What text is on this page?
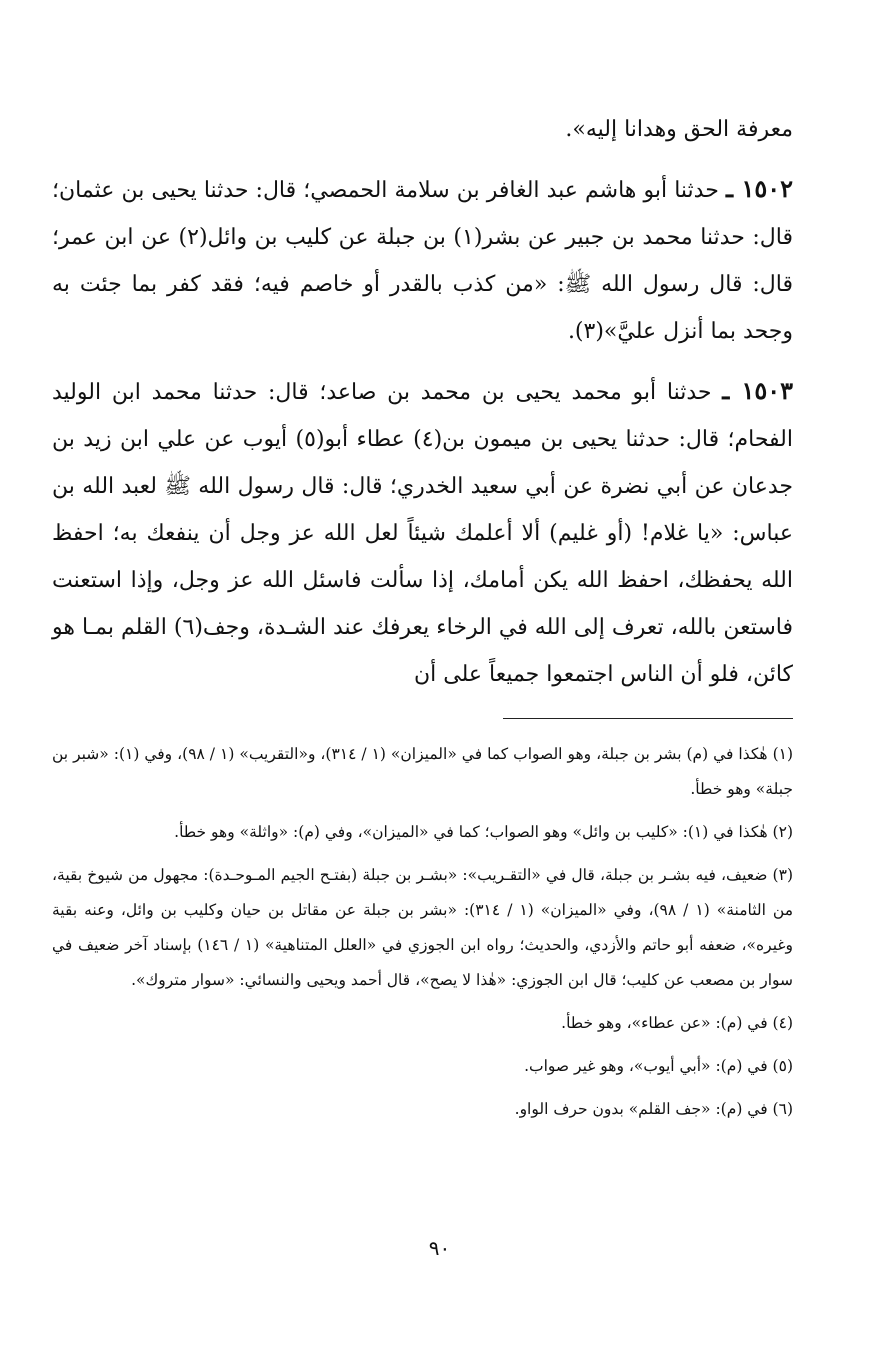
معرفة الحق وهدانا إليه».

١٥٠٢ ـ حدثنا أبو هاشم عبد الغافر بن سلامة الحمصي؛ قال: حدثنا يحيى بن عثمان؛ قال: حدثنا محمد بن جبير عن بشر(١) بن جبلة عن كليب بن وائل(٢) عن ابن عمر؛ قال: قال رسول الله ﷺ: «من كذب بالقدر أو خاصم فيه؛ فقد كفر بما جئت به وجحد بما أنزل عليَّ»(٣).

١٥٠٣ ـ حدثنا أبو محمد يحيى بن محمد بن صاعد؛ قال: حدثنا محمد ابن الوليد الفحام؛ قال: حدثنا يحيى بن ميمون بن(٤) عطاء أبو(٥) أيوب عن علي ابن زيد بن جدعان عن أبي نضرة عن أبي سعيد الخدري؛ قال: قال رسول الله ﷺ لعبد الله بن عباس: «يا غلام! (أو غليم) ألا أعلمك شيئاً لعل الله عز وجل أن ينفعك به؛ احفظ الله يحفظك، احفظ الله يكن أمامك، إذا سألت فاسئل الله عز وجل، وإذا استعنت فاستعن بالله، تعرف إلى الله في الرخاء يعرفك عند الشـدة، وجف(٦) القلم بمـا هو كائن، فلو أن الناس اجتمعوا جميعاً على أن

(١) هٰكذا في (م) بشر بن جبلة، وهو الصواب كما في «الميزان» (١ / ٣١٤)، و«التقريب» (١ / ٩٨)، وفي (١): «شبر بن جبلة» وهو خطأ.

(٢) هٰكذا في (١): «كليب بن وائل» وهو الصواب؛ كما في «الميزان»، وفي (م): «واثلة» وهو خطأ.

(٣) ضعيف، فيه بشـر بن جبلة، قال في «التقـريب»: «بشـر بن جبلة (بفتـح الجيم المـوحـدة): مجهول من شيوخ بقية، من الثامنة» (١ / ٩٨)، وفي «الميزان» (١ / ٣١٤): «بشر بن جبلة عن مقاتل بن حيان وكليب بن وائل، وعنه بقية وغيره»، ضعفه أبو حاتم والأزدي، والحديث؛ رواه ابن الجوزي في «العلل المتناهية» (١ / ١٤٦) بإسناد آخر ضعيف في سوار بن مصعب عن كليب؛ قال ابن الجوزي: «هٰذا لا يصح»، قال أحمد ويحيى والنسائي: «سوار متروك».

(٤) في (م): «عن عطاء»، وهو خطأ.

(٥) في (م): «أبي أيوب»، وهو غير صواب.

(٦) في (م): «جف القلم» بدون حرف الواو.

٩٠
